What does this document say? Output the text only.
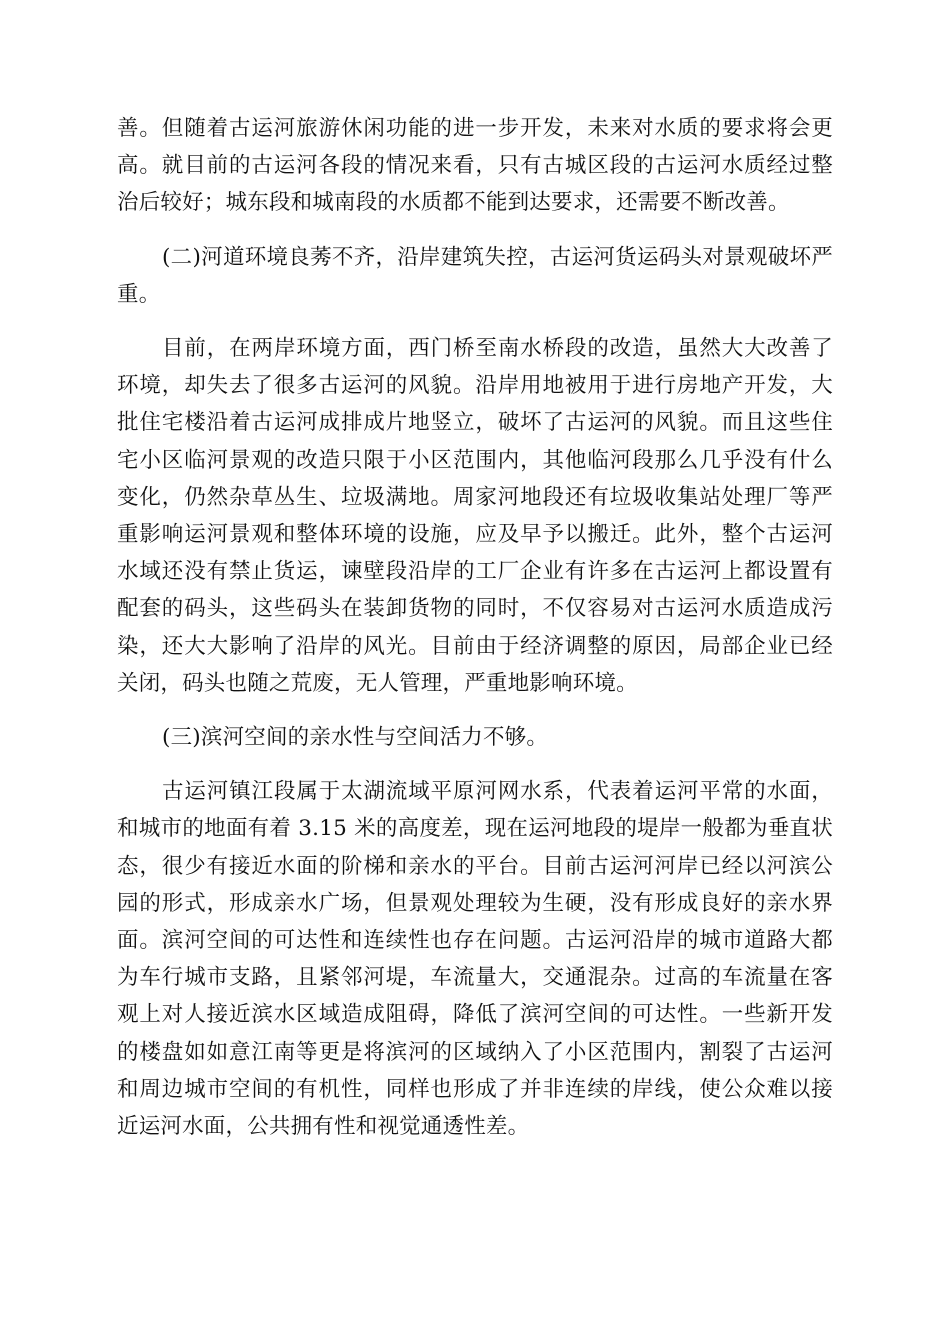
善。但随着古运河旅游休闲功能的进一步开发，未来对水质的要求将会更高。就目前的古运河各段的情况来看，只有古城区段的古运河水质经过整治后较好；城东段和城南段的水质都不能到达要求，还需要不断改善。

(二)河道环境良莠不齐，沿岸建筑失控，古运河货运码头对景观破坏严重。

目前，在两岸环境方面，西门桥至南水桥段的改造，虽然大大改善了环境，却失去了很多古运河的风貌。沿岸用地被用于进行房地产开发，大批住宅楼沿着古运河成排成片地竖立，破坏了古运河的风貌。而且这些住宅小区临河景观的改造只限于小区范围内，其他临河段那么几乎没有什么变化，仍然杂草丛生、垃圾满地。周家河地段还有垃圾收集站处理厂等严重影响运河景观和整体环境的设施，应及早予以搬迁。此外，整个古运河水域还没有禁止货运，谏壁段沿岸的工厂企业有许多在古运河上都设置有配套的码头，这些码头在装卸货物的同时，不仅容易对古运河水质造成污染，还大大影响了沿岸的风光。目前由于经济调整的原因，局部企业已经关闭，码头也随之荒废，无人管理，严重地影响环境。

(三)滨河空间的亲水性与空间活力不够。

古运河镇江段属于太湖流域平原河网水系，代表着运河平常的水面，和城市的地面有着 3.15 米的高度差，现在运河地段的堤岸一般都为垂直状态，很少有接近水面的阶梯和亲水的平台。目前古运河河岸已经以河滨公园的形式，形成亲水广场，但景观处理较为生硬，没有形成良好的亲水界面。滨河空间的可达性和连续性也存在问题。古运河沿岸的城市道路大都为车行城市支路，且紧邻河堤，车流量大，交通混杂。过高的车流量在客观上对人接近滨水区域造成阻碍，降低了滨河空间的可达性。一些新开发的楼盘如如意江南等更是将滨河的区域纳入了小区范围内，割裂了古运河和周边城市空间的有机性，同样也形成了并非连续的岸线，使公众难以接近运河水面，公共拥有性和视觉通透性差。
